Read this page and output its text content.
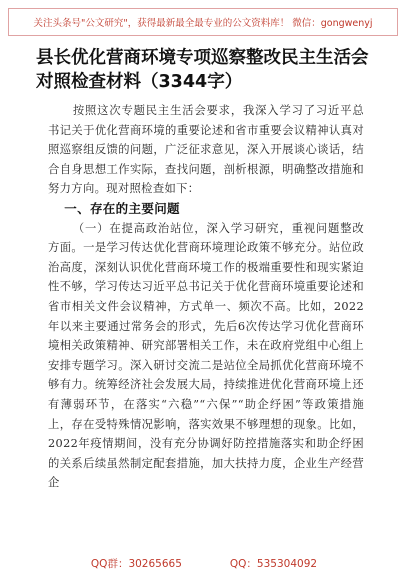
关注头条号"公文研究"，获得最新最全最专业的公文资料库！ 微信：gongwenyj
县长优化营商环境专项巡察整改民主生活会对照检查材料（3344字）

按照这次专题民主生活会要求，我深入学习了习近平总书记关于优化营商环境的重要论述和省市重要会议精神认真对照巡察组反馈的问题，广泛征求意见，深入开展谈心谈话，结合自身思想工作实际，查找问题，剖析根源，明确整改措施和努力方向。现对照检查如下：

一、存在的主要问题

（一）在提高政治站位，深入学习研究，重视问题整改方面。一是学习传达优化营商环境理论政策不够充分。站位政治高度，深刻认识优化营商环境工作的极端重要性和现实紧迫性不够，学习传达习近平总书记关于优化营商环境重要论述和省市相关文件会议精神，方式单一、频次不高。比如，2022年以来主要通过常务会的形式，先后6次传达学习优化营商环境相关政策精神、研究部署相关工作，未在政府党组中心组上安排专题学习。深入研讨交流二是站位全局抓优化营商环境不够有力。统筹经济社会发展大局，持续推进优化营商环境上还有薄弱环节，在落实“六稳”“六保”“助企纾困”等政策措施上，存在受特殊情况影响，落实效果不够理想的现象。比如，2022年疫情期间，没有充分协调好防控措施落实和助企纾困的关系后续虽然制定配套措施，加大扶持力度，企业生产经营企

QQ群：30265665	QQ：535304092
